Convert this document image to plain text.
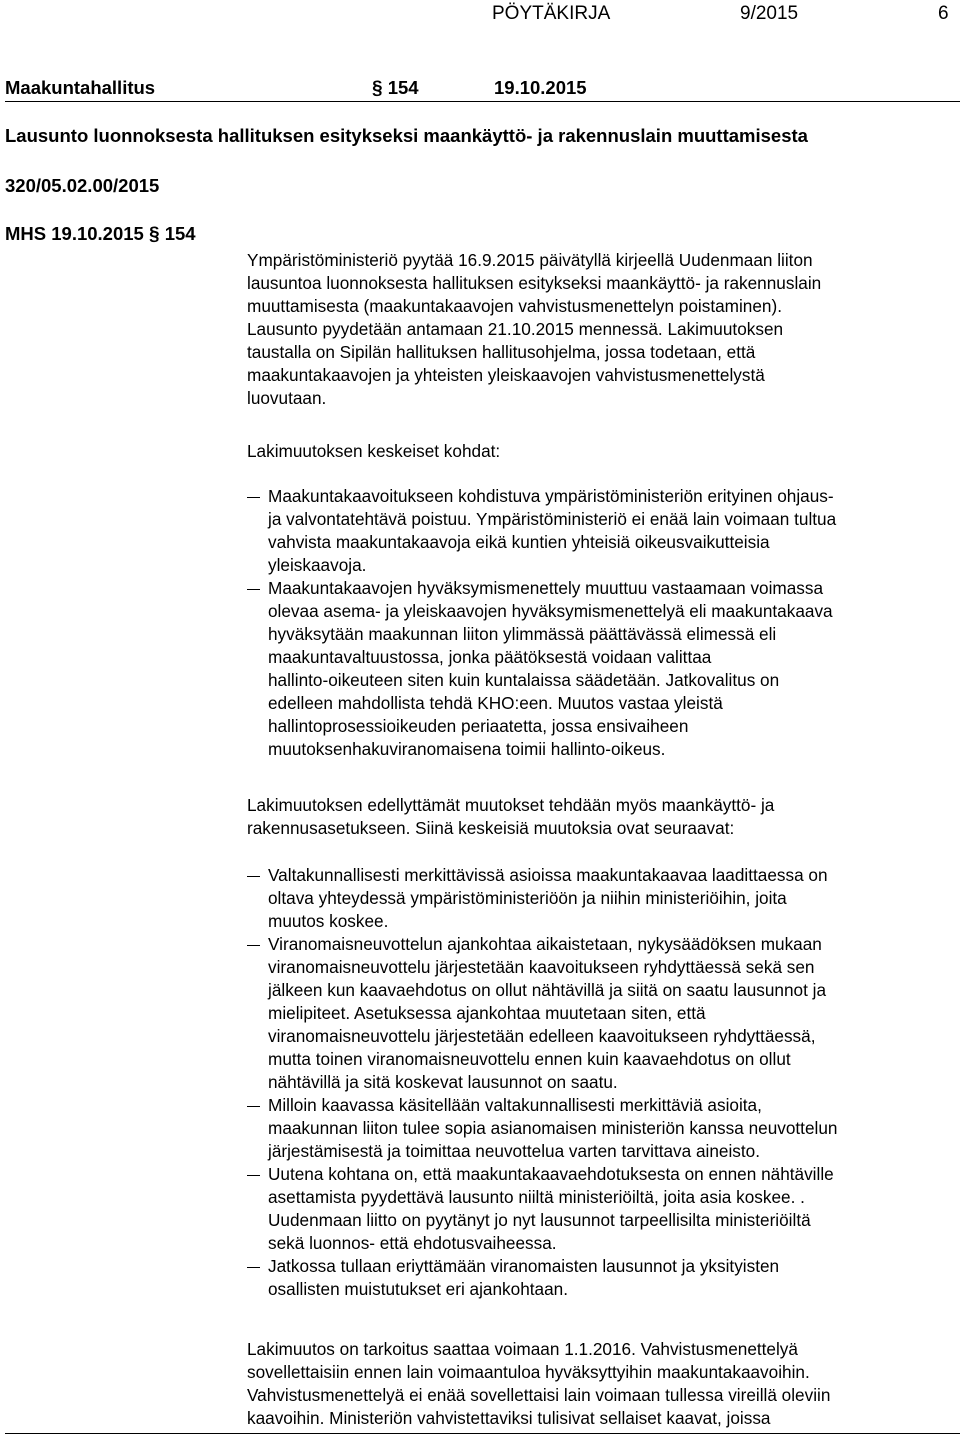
PÖYTÄKIRJA	9/2015	6
Maakuntahallitus	§ 154	19.10.2015
Lausunto luonnoksesta hallituksen esitykseksi maankäyttö- ja rakennuslain muuttamisesta
320/05.02.00/2015
MHS 19.10.2015 § 154
Ympäristöministeriö pyytää 16.9.2015 päivätyllä kirjeellä Uudenmaan liiton
lausuntoa luonnoksesta hallituksen esitykseksi maankäyttö- ja rakennuslain
muuttamisesta (maakuntakaavojen vahvistusmenettelyn poistaminen).
Lausunto pyydetään antamaan 21.10.2015 mennessä. Lakimuutoksen
taustalla on Sipilän hallituksen hallitusohjelma, jossa todetaan, että
maakuntakaavojen ja yhteisten yleiskaavojen vahvistusmenettelystä
luovutaan.
Lakimuutoksen keskeiset kohdat:
Maakuntakaavoitukseen kohdistuva ympäristöministeriön erityinen ohjaus-
ja valvontatehtävä poistuu. Ympäristöministeriö ei enää lain voimaan tultua
vahvista maakuntakaavoja eikä kuntien yhteisiä oikeusvaikutteisia
yleiskaavoja.
Maakuntakaavojen hyväksymismenettely muuttuu vastaamaan voimassa
olevaa asema- ja yleiskaavojen hyväksymismenettelyä eli maakuntakaava
hyväksytään maakunnan liiton ylimmässä päättävässä elimessä eli
maakuntavaltuustossa, jonka päätöksestä voidaan valittaa
hallinto-oikeuteen siten kuin kuntalaissa säädetään. Jatkovalitus on
edelleen mahdollista tehdä KHO:een. Muutos vastaa yleistä
hallintoprosessioikeuden periaatetta, jossa ensivaiheen
muutoksenhakuviranomaisena toimii hallinto-oikeus.
Lakimuutoksen edellyttämät muutokset tehdään myös maankäyttö- ja
rakennusasetukseen. Siinä keskeisiä muutoksia ovat seuraavat:
Valtakunnallisesti merkittävissä asioissa maakuntakaavaa laadittaessa on
oltava yhteydessä ympäristöministeriöön ja niihin ministeriöihin, joita
muutos koskee.
Viranomaisneuvottelun ajankohtaa aikaistetaan, nykysäädöksen mukaan
viranomaisneuvottelu järjestetään kaavoitukseen ryhdyttäessä sekä sen
jälkeen kun kaavaehdotus on ollut nähtävillä ja siitä on saatu lausunnot ja
mielipiteet. Asetuksessa ajankohtaa muutetaan siten, että
viranomaisneuvottelu järjestetään edelleen kaavoitukseen ryhdyttäessä,
mutta toinen viranomaisneuvottelu ennen kuin kaavaehdotus on ollut
nähtävillä ja sitä koskevat lausunnot on saatu.
Milloin kaavassa käsitellään valtakunnallisesti merkittäviä asioita,
maakunnan liiton tulee sopia asianomaisen ministeriön kanssa neuvottelun
järjestämisestä ja toimittaa neuvottelua varten tarvittava aineisto.
Uutena kohtana on, että maakuntakaavaehdotuksesta on ennen nähtäville
asettamista pyydettävä lausunto niiltä ministeriöiltä, joita asia koskee. .
Uudenmaan liitto on pyytänyt jo nyt lausunnot tarpeellisilta ministeriöiltä
sekä luonnos- että ehdotusvaiheessa.
Jatkossa tullaan eriyttämään viranomaisten lausunnot ja yksityisten
osallisten muistutukset eri ajankohtaan.
Lakimuutos on tarkoitus saattaa voimaan 1.1.2016. Vahvistusmenettelyä
sovellettaisiin ennen lain voimaantuloa hyväksyttyihin maakuntakaavoihin.
Vahvistusmenettelyä ei enää sovellettaisi lain voimaan tullessa vireillä oleviin
kaavoihin. Ministeriön vahvistettaviksi tulisivat sellaiset kaavat, joissa
